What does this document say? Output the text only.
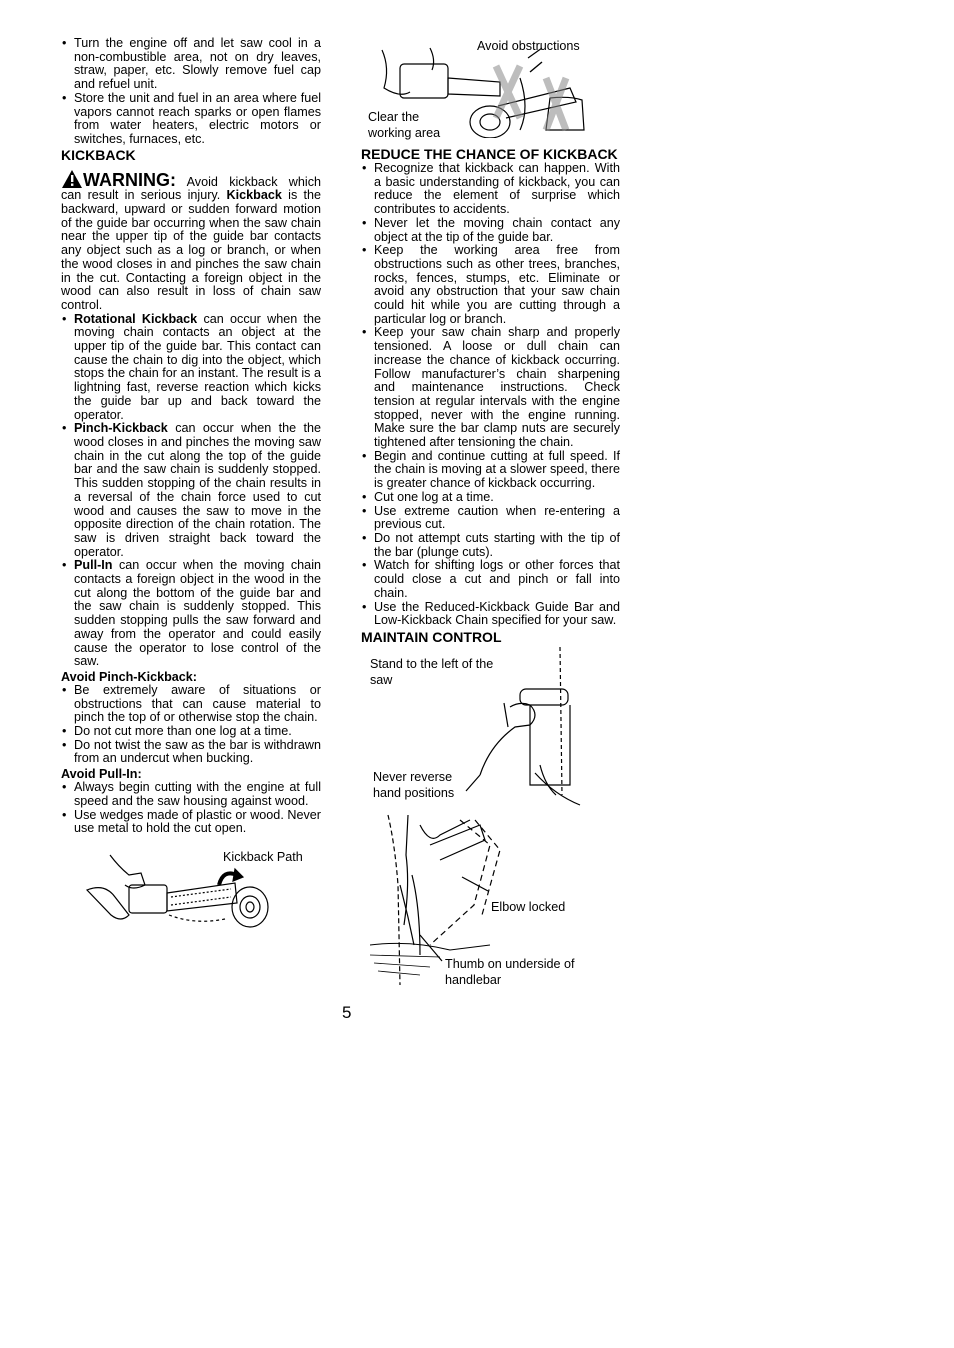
• Turn the engine off and let saw cool in a non-combustible area, not on dry leaves, straw, paper, etc. Slowly remove fuel cap and refuel unit.
• Store the unit and fuel in an area where fuel vapors cannot reach sparks or open flames from water heaters, electric motors or switches, furnaces, etc.
KICKBACK

WARNING: Avoid kickback which can result in serious injury. Kickback is the backward, upward or sudden forward motion of the guide bar occurring when the saw chain near the upper tip of the guide bar contacts any object such as a log or branch, or when the wood closes in and pinches the saw chain in the cut. Contacting a foreign object in the wood can also result in loss of chain saw control.

• Rotational Kickback can occur when the moving chain contacts an object at the upper tip of the guide bar. This contact can cause the chain to dig into the object, which stops the chain for an instant. The result is a lightning fast, reverse reaction which kicks the guide bar up and back toward the operator.
• Pinch-Kickback can occur when the the wood closes in and pinches the moving saw chain in the cut along the top of the guide bar and the saw chain is suddenly stopped. This sudden stopping of the chain results in a reversal of the chain force used to cut wood and causes the saw to move in the opposite direction of the chain rotation. The saw is driven straight back toward the operator.
• Pull-In can occur when the moving chain contacts a foreign object in the wood in the cut along the bottom of the guide bar and the saw chain is suddenly stopped. This sudden stopping pulls the saw forward and away from the operator and could easily cause the operator to lose control of the saw.
Avoid Pinch-Kickback:
• Be extremely aware of situations or obstructions that can cause material to pinch the top of or otherwise stop the chain.
• Do not cut more than one log at a time.
• Do not twist the saw as the bar is withdrawn from an undercut when bucking.
Avoid Pull-In:
• Always begin cutting with the engine at full speed and the saw housing against wood.
• Use wedges made of plastic or wood. Never use metal to hold the cut open.
Kickback Path
Avoid obstructions
Clear the working area
REDUCE THE CHANCE OF KICKBACK
• Recognize that kickback can happen. With a basic understanding of kickback, you can reduce the element of surprise which contributes to accidents.
• Never let the moving chain contact any object at the tip of the guide bar.
• Keep the working area free from obstructions such as other trees, branches, rocks, fences, stumps, etc. Eliminate or avoid any obstruction that your saw chain could hit while you are cutting through a particular log or branch.
• Keep your saw chain sharp and properly tensioned. A loose or dull chain can increase the chance of kickback occurring. Follow manufacturer’s chain sharpening and maintenance instructions. Check tension at regular intervals with the engine stopped, never with the engine running. Make sure the bar clamp nuts are securely tightened after tensioning the chain.
• Begin and continue cutting at full speed. If the chain is moving at a slower speed, there is greater chance of kickback occurring.
• Cut one log at a time.
• Use extreme caution when re-entering a previous cut.
• Do not attempt cuts starting with the tip of the bar (plunge cuts).
• Watch for shifting logs or other forces that could close a cut and pinch or fall into chain.
• Use the Reduced-Kickback Guide Bar and Low-Kickback Chain specified for your saw.
MAINTAIN CONTROL
Stand to the left of the saw
Never reverse hand positions
Elbow locked
Thumb on underside of handlebar
5
